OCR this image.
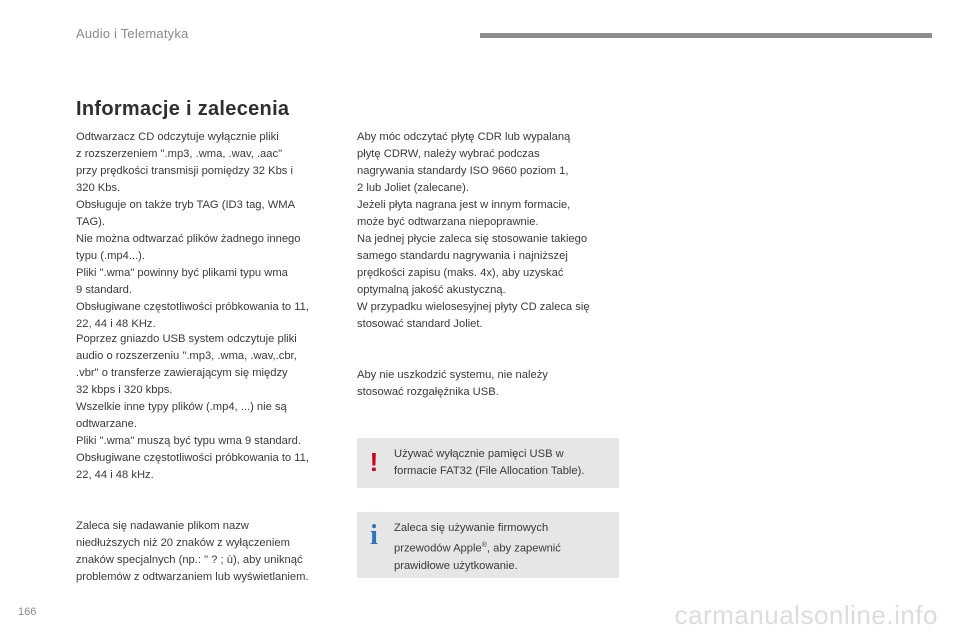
Audio i Telematyka
Informacje i zalecenia
Odtwarzacz CD odczytuje wyłącznie pliki
z rozszerzeniem ".mp3, .wma, .wav, .aac"
przy prędkości transmisji pomiędzy 32 Kbs i
320 Kbs.
Obsługuje on także tryb TAG (ID3 tag, WMA
TAG).
Nie można odtwarzać plików żadnego innego
typu (.mp4...).
Pliki ".wma" powinny być plikami typu wma
9 standard.
Obsługiwane częstotliwości próbkowania to 11,
22, 44 i 48 KHz.
Poprzez gniazdo USB system odczytuje pliki
audio o rozszerzeniu ".mp3, .wma, .wav,.cbr,
.vbr" o transferze zawierającym się między
32 kbps i 320 kbps.
Wszelkie inne typy plików (.mp4, ...) nie są
odtwarzane.
Pliki ".wma" muszą być typu wma 9 standard.
Obsługiwane częstotliwości próbkowania to 11,
22, 44 i 48 kHz.
Zaleca się nadawanie plikom nazw
niedłuższych niż 20 znaków z wyłączeniem
znaków specjalnych (np.: " ? ; ù), aby uniknąć
problemów z odtwarzaniem lub wyświetlaniem.
Aby móc odczytać płytę CDR lub wypalaną
płytę CDRW, należy wybrać podczas
nagrywania standardy ISO 9660 poziom 1,
2 lub Joliet (zalecane).
Jeżeli płyta nagrana jest w innym formacie,
może być odtwarzana niepoprawnie.
Na jednej płycie zaleca się stosowanie takiego
samego standardu nagrywania i najniższej
prędkości zapisu (maks. 4x), aby uzyskać
optymalną jakość akustyczną.
W przypadku wielosesyjnej płyty CD zaleca się
stosować standard Joliet.
Aby nie uszkodzić systemu, nie należy
stosować rozgałęźnika USB.
! Używać wyłącznie pamięci USB w
formacie FAT32 (File Allocation Table).
i Zaleca się używanie firmowych
przewodów Apple®, aby zapewnić
prawidłowe użytkowanie.
166	carmanualsonline.info
